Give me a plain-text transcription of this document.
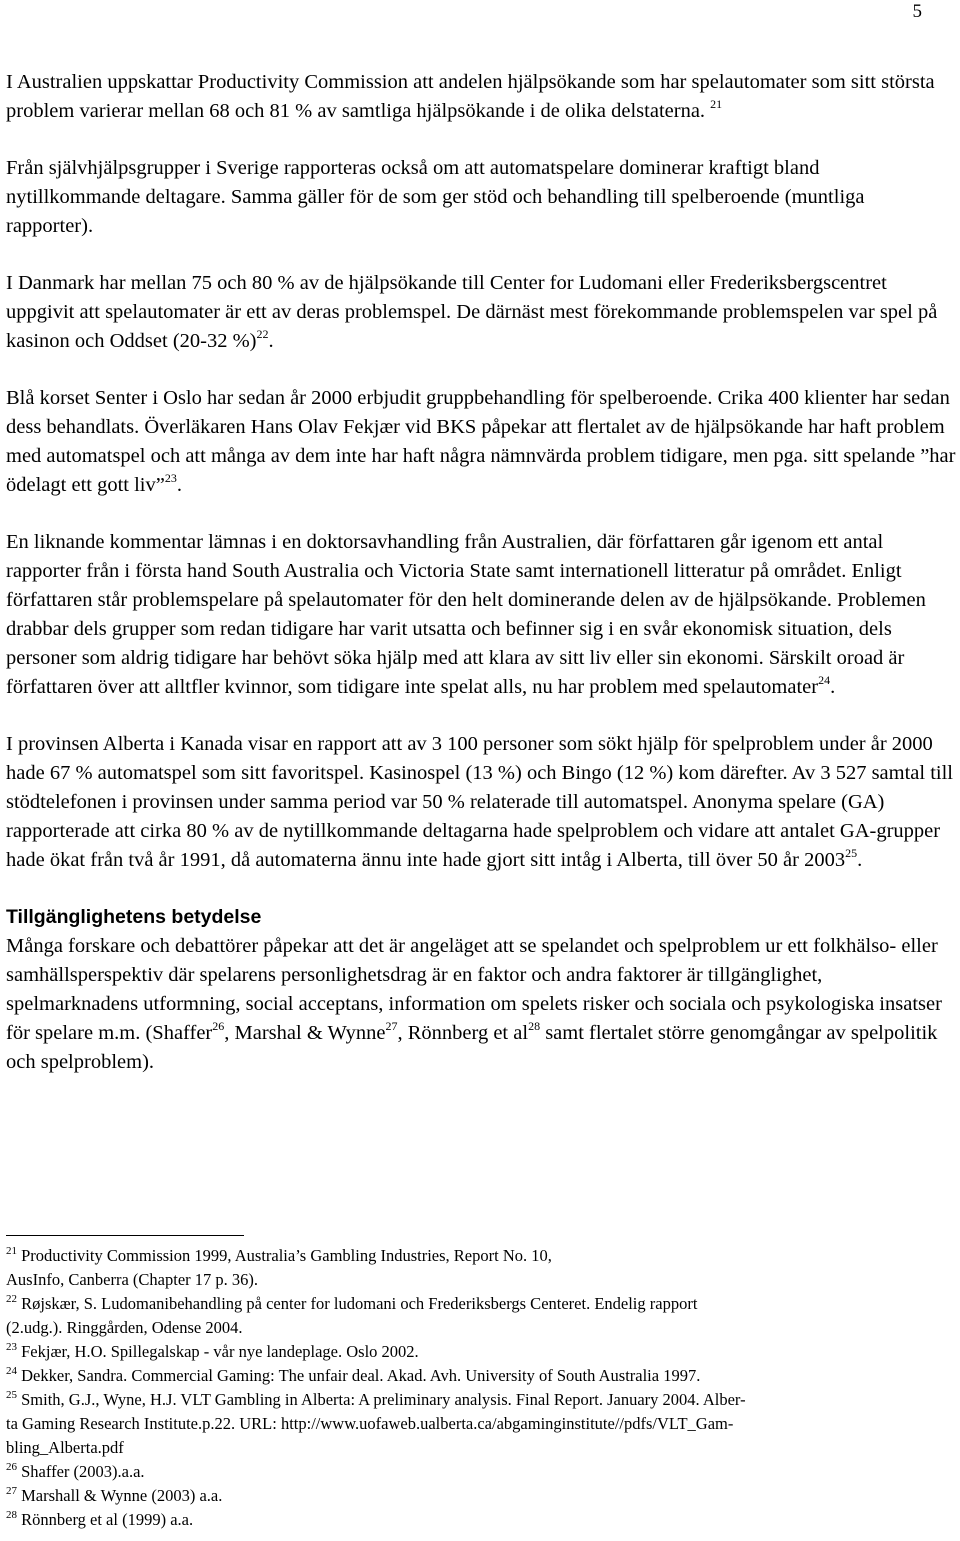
5

I Australien uppskattar Productivity Commission att andelen hjälpsökande som har spelautomater som sitt största problem varierar mellan 68 och 81 % av samtliga hjälpsökande i de olika delstaterna. $^{21}$

Från självhjälpsgrupper i Sverige rapporteras också om att automatspelare dominerar kraftigt bland nytillkommande deltagare. Samma gäller för de som ger stöd och behandling till spelberoende (muntliga rapporter).

I Danmark har mellan 75 och 80 % av de hjälpsökande till Center for Ludomani eller Frederiksbergscentret uppgivit att spelautomater är ett av deras problemspel. De därnäst mest förekommande problemspelen var spel på kasinon och Oddset (20-32 %)$^{22}$.

Blå korset Senter i Oslo har sedan år 2000 erbjudit gruppbehandling för spelberoende. Crika 400 klienter har sedan dess behandlats. Överläkaren Hans Olav Fekjær vid BKS påpekar att flertalet av de hjälpsökande har haft problem med automatspel och att många av dem inte har haft några nämnvärda problem tidigare, men pga. sitt spelande ”har ödelagt ett gott liv”$^{23}$.

En liknande kommentar lämnas i en doktorsavhandling från Australien, där författaren går igenom ett antal rapporter från i första hand South Australia och Victoria State samt internationell litteratur på området. Enligt författaren står problemspelare på spelautomater för den helt dominerande delen av de hjälpsökande. Problemen drabbar dels grupper som redan tidigare har varit utsatta och befinner sig i en svår ekonomisk situation, dels personer som aldrig tidigare har behövt söka hjälp med att klara av sitt liv eller sin ekonomi. Särskilt oroad är författaren över att alltfler kvinnor, som tidigare inte spelat alls, nu har problem med spelautomater$^{24}$.

I provinsen Alberta i Kanada visar en rapport att av 3 100 personer som sökt hjälp för spelproblem under år 2000 hade 67 % automatspel som sitt favoritspel. Kasinospel (13 %) och Bingo (12 %) kom därefter. Av 3 527 samtal till stödtelefonen i provinsen under samma period var 50 % relaterade till automatspel. Anonyma spelare (GA) rapporterade att cirka 80 % av de nytillkommande deltagarna hade spelproblem och vidare att antalet GA-grupper hade ökat från två år 1991, då automaterna ännu inte hade gjort sitt intåg i Alberta, till över 50 år 2003$^{25}$.

Tillgänglighetens betydelse

Många forskare och debattörer påpekar att det är angeläget att se spelandet och spelproblem ur ett folkhälso- eller samhällsperspektiv där spelarens personlighetsdrag är en faktor och andra faktorer är tillgänglighet, spelmarknadens utformning, social acceptans, information om spelets risker och sociala och psykologiska insatser för spelare m.m. (Shaffer$^{26}$, Marshal & Wynne$^{27}$, Rönnberg et $al^{28}$ samt flertalet större genomgångar av spelpolitik och spelproblem).

$^{21}$ Productivity Commission 1999, Australia’s Gambling Industries, Report No. 10,
AusInfo, Canberra (Chapter 17 p. 36).
$^{22}$ Røjskær, S. Ludomanibehandling på center for ludomani och Frederiksbergs Centeret. Endelig rapport
(2.udg.). Ringgården, Odense 2004.
$^{23}$ Fekjær, H.O. Spillegalskap - vår nye landeplage. Oslo 2002.
$^{24}$ Dekker, Sandra. Commercial Gaming: The unfair deal. Akad. Avh. University of South Australia 1997.
$^{25}$ Smith, G.J., Wyne, H.J. VLT Gambling in Alberta: A preliminary analysis. Final Report. January 2004. Alber-
ta Gaming Research Institute.p.22. URL: http://www.uofaweb.ualberta.ca/abgaminginstitute//pdfs/VLT_Gam-
bling_Alberta.pdf
$^{26}$ Shaffer (2003).a.a.
$^{27}$ Marshall & Wynne (2003) a.a.
$^{28}$ Rönnberg et al (1999) a.a.
